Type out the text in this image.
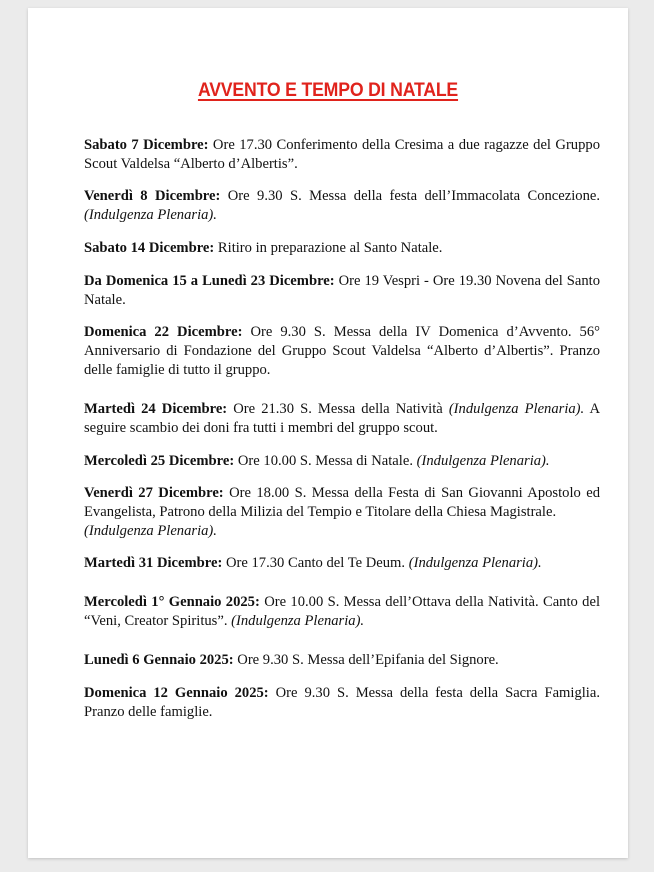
AVVENTO E TEMPO DI NATALE

Sabato 7 Dicembre: Ore 17.30 Conferimento della Cresima a due ragazze del Gruppo Scout Valdelsa “Alberto d’Albertis”.

Venerdì 8 Dicembre: Ore 9.30 S. Messa della festa dell’Immacolata Concezione. (Indulgenza Plenaria).

Sabato 14 Dicembre: Ritiro in preparazione al Santo Natale.

Da Domenica 15 a Lunedì 23 Dicembre: Ore 19 Vespri - Ore 19.30 Novena del Santo Natale.

Domenica 22 Dicembre: Ore 9.30 S. Messa della IV Domenica d’Avvento. 56° Anniversario di Fondazione del Gruppo Scout Valdelsa “Alberto d’Albertis”. Pranzo delle famiglie di tutto il gruppo.

Martedì 24 Dicembre: Ore 21.30 S. Messa della Natività (Indulgenza Plenaria). A seguire scambio dei doni fra tutti i membri del gruppo scout.

Mercoledì 25 Dicembre: Ore 10.00 S. Messa di Natale. (Indulgenza Plenaria).

Venerdì 27 Dicembre: Ore 18.00 S. Messa della Festa di San Giovanni Apostolo ed Evangelista, Patrono della Milizia del Tempio e Titolare della Chiesa Magistrale.
(Indulgenza Plenaria).

Martedì 31 Dicembre: Ore 17.30 Canto del Te Deum. (Indulgenza Plenaria).

Mercoledì 1° Gennaio 2025: Ore 10.00 S. Messa dell’Ottava della Natività. Canto del “Veni, Creator Spiritus”. (Indulgenza Plenaria).

Lunedì 6 Gennaio 2025: Ore 9.30 S. Messa dell’Epifania del Signore.

Domenica 12 Gennaio 2025: Ore 9.30 S. Messa della festa della Sacra Famiglia. Pranzo delle famiglie.
